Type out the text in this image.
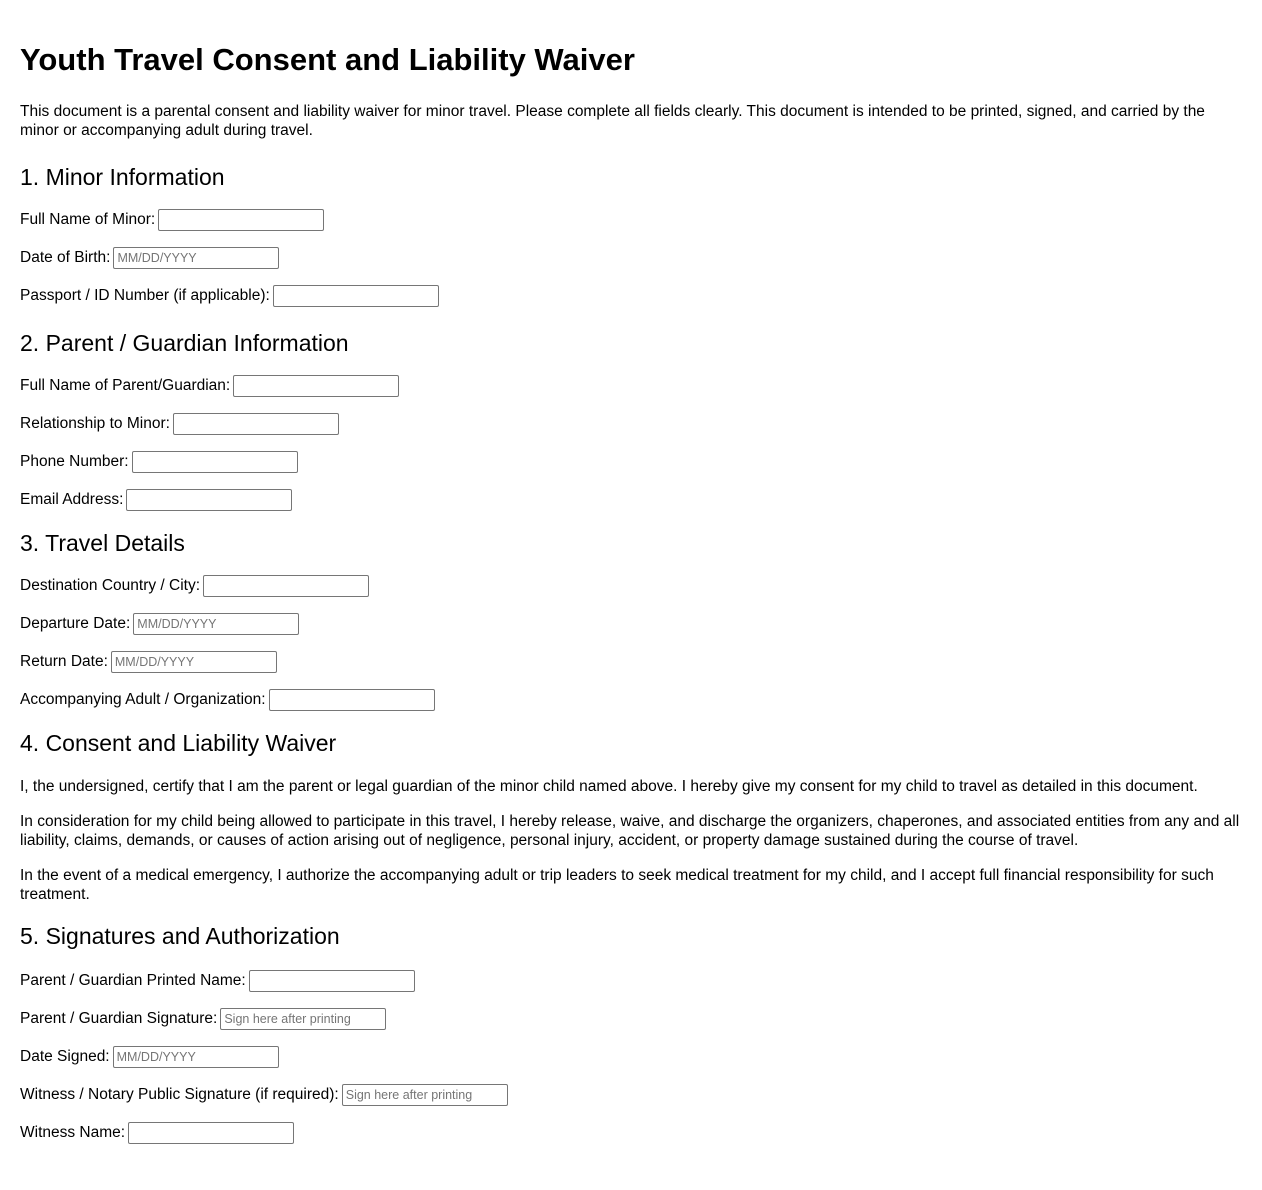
Youth Travel Consent and Liability Waiver

This document is a parental consent and liability waiver for minor travel. Please complete all fields clearly. This document is intended to be printed, signed, and carried by the minor or accompanying adult during travel.

1. Minor Information
Full Name of Minor:
Date of Birth:
MM/DD/YYYY
Passport / ID Number (if applicable):
2. Parent / Guardian Information
Full Name of Parent/Guardian:
Relationship to Minor:
Phone Number:
Email Address:
3. Travel Details
Destination Country / City:
Departure Date:
MM/DD/YYYY
Return Date:
MM/DD/YYYY
Accompanying Adult / Organization:
4. Consent and Liability Waiver

I, the undersigned, certify that I am the parent or legal guardian of the minor child named above. I hereby give my consent for my child to travel as detailed in this document.

In consideration for my child being allowed to participate in this travel, I hereby release, waive, and discharge the organizers, chaperones, and associated entities from any and all liability, claims, demands, or causes of action arising out of negligence, personal injury, accident, or property damage sustained during the course of travel.

In the event of a medical emergency, I authorize the accompanying adult or trip leaders to seek medical treatment for my child, and I accept full financial responsibility for such treatment.

5. Signatures and Authorization
Parent / Guardian Printed Name:
Parent / Guardian Signature:
Sign here after printing
Date Signed:
MM/DD/YYYY
Witness / Notary Public Signature (if required):
Sign here after printing
Witness Name:
